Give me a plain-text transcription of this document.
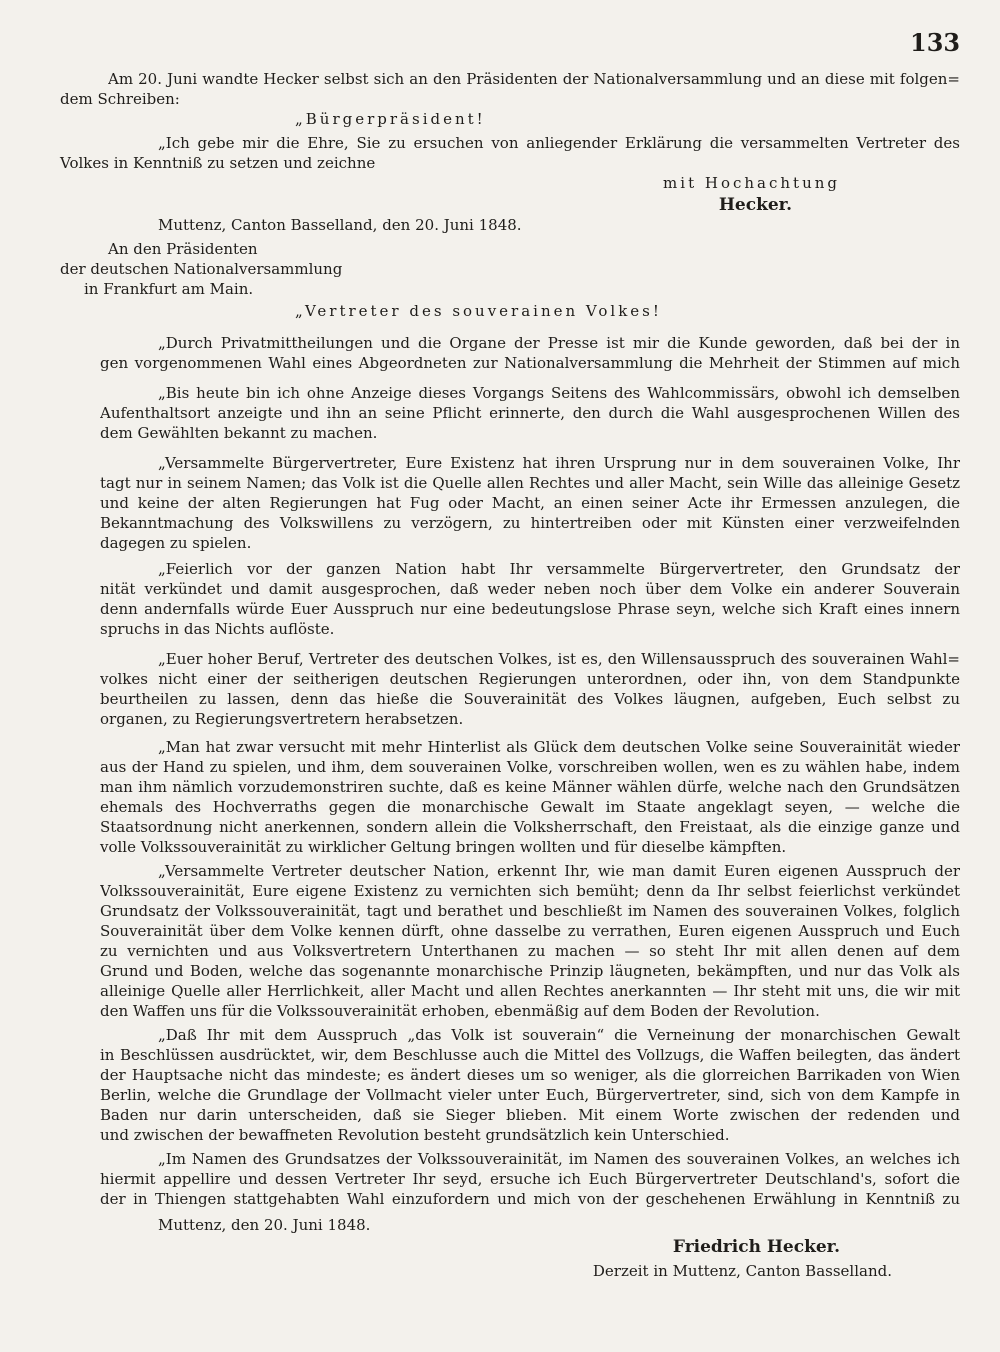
133
Am 20. Juni wandte Hecker selbst sich an den Präsidenten der Nationalversammlung und an diese mit folgen=
dem Schreiben:
„Bürgerpräsident!
„Ich gebe mir die Ehre, Sie zu ersuchen von anliegender Erklärung die versammelten Vertreter des
Volkes in Kenntniß zu setzen und zeichne
mit Hochachtung
Hecker.
Muttenz, Canton Basselland, den 20. Juni 1848.
An den Präsidenten
der deutschen Nationalversammlung
in Frankfurt am Main.
„Vertreter des souverainen Volkes!
„Durch Privatmittheilungen und die Organe der Presse ist mir die Kunde geworden, daß bei der in
gen vorgenommenen Wahl eines Abgeordneten zur Nationalversammlung die Mehrheit der Stimmen auf mich
„Bis heute bin ich ohne Anzeige dieses Vorgangs Seitens des Wahlcommissärs, obwohl ich demselben
Aufenthaltsort anzeigte und ihn an seine Pflicht erinnerte, den durch die Wahl ausgesprochenen Willen des
dem Gewählten bekannt zu machen.
„Versammelte Bürgervertreter, Eure Existenz hat ihren Ursprung nur in dem souverainen Volke, Ihr
tagt nur in seinem Namen; das Volk ist die Quelle allen Rechtes und aller Macht, sein Wille das alleinige Gesetz
und keine der alten Regierungen hat Fug oder Macht, an einen seiner Acte ihr Ermessen anzulegen, die
Bekanntmachung des Volkswillens zu verzögern, zu hintertreiben oder mit Künsten einer verzweifelnden
dagegen zu spielen.
„Feierlich vor der ganzen Nation habt Ihr versammelte Bürgervertreter, den Grundsatz der
nität verkündet und damit ausgesprochen, daß weder neben noch über dem Volke ein anderer Souverain
denn andernfalls würde Euer Ausspruch nur eine bedeutungslose Phrase seyn, welche sich Kraft eines innern
spruchs in das Nichts auflöste.
„Euer hoher Beruf, Vertreter des deutschen Volkes, ist es, den Willensausspruch des souverainen Wahl=
volkes nicht einer der seitherigen deutschen Regierungen unterordnen, oder ihn, von dem Standpunkte
beurtheilen zu lassen, denn das hieße die Souverainität des Volkes läugnen, aufgeben, Euch selbst zu
organen, zu Regierungsvertretern herabsetzen.
„Man hat zwar versucht mit mehr Hinterlist als Glück dem deutschen Volke seine Souverainität wieder
aus der Hand zu spielen, und ihm, dem souverainen Volke, vorschreiben wollen, wen es zu wählen habe, indem
man ihm nämlich vorzudemonstriren suchte, daß es keine Männer wählen dürfe, welche nach den Grundsätzen
ehemals des Hochverraths gegen die monarchische Gewalt im Staate angeklagt seyen, — welche die
Staatsordnung nicht anerkennen, sondern allein die Volksherrschaft, den Freistaat, als die einzige ganze und
volle Volkssouverainität zu wirklicher Geltung bringen wollten und für dieselbe kämpften.
„Versammelte Vertreter deutscher Nation, erkennt Ihr, wie man damit Euren eigenen Ausspruch der
Volkssouverainität, Eure eigene Existenz zu vernichten sich bemüht; denn da Ihr selbst feierlichst verkündet
Grundsatz der Volkssouverainität, tagt und berathet und beschließt im Namen des souverainen Volkes, folglich
Souverainität über dem Volke kennen dürft, ohne dasselbe zu verrathen, Euren eigenen Ausspruch und Euch
zu vernichten und aus Volksvertretern Unterthanen zu machen — so steht Ihr mit allen denen auf dem
Grund und Boden, welche das sogenannte monarchische Prinzip läugneten, bekämpften, und nur das Volk als
alleinige Quelle aller Herrlichkeit, aller Macht und allen Rechtes anerkannten — Ihr steht mit uns, die wir mit
den Waffen uns für die Volkssouverainität erhoben, ebenmäßig auf dem Boden der Revolution.
„Daß Ihr mit dem Ausspruch „das Volk ist souverain“ die Verneinung der monarchischen Gewalt
in Beschlüssen ausdrücktet, wir, dem Beschlusse auch die Mittel des Vollzugs, die Waffen beilegten, das ändert
der Hauptsache nicht das mindeste; es ändert dieses um so weniger, als die glorreichen Barrikaden von Wien
Berlin, welche die Grundlage der Vollmacht vieler unter Euch, Bürgervertreter, sind, sich von dem Kampfe in
Baden nur darin unterscheiden, daß sie Sieger blieben. Mit einem Worte zwischen der redenden und
und zwischen der bewaffneten Revolution besteht grundsätzlich kein Unterschied.
„Im Namen des Grundsatzes der Volkssouverainität, im Namen des souverainen Volkes, an welches ich
hiermit appellire und dessen Vertreter Ihr seyd, ersuche ich Euch Bürgervertreter Deutschland's, sofort die
der in Thiengen stattgehabten Wahl einzufordern und mich von der geschehenen Erwählung in Kenntniß zu
Muttenz, den 20. Juni 1848.
Friedrich Hecker.
Derzeit in Muttenz, Canton Basselland.
